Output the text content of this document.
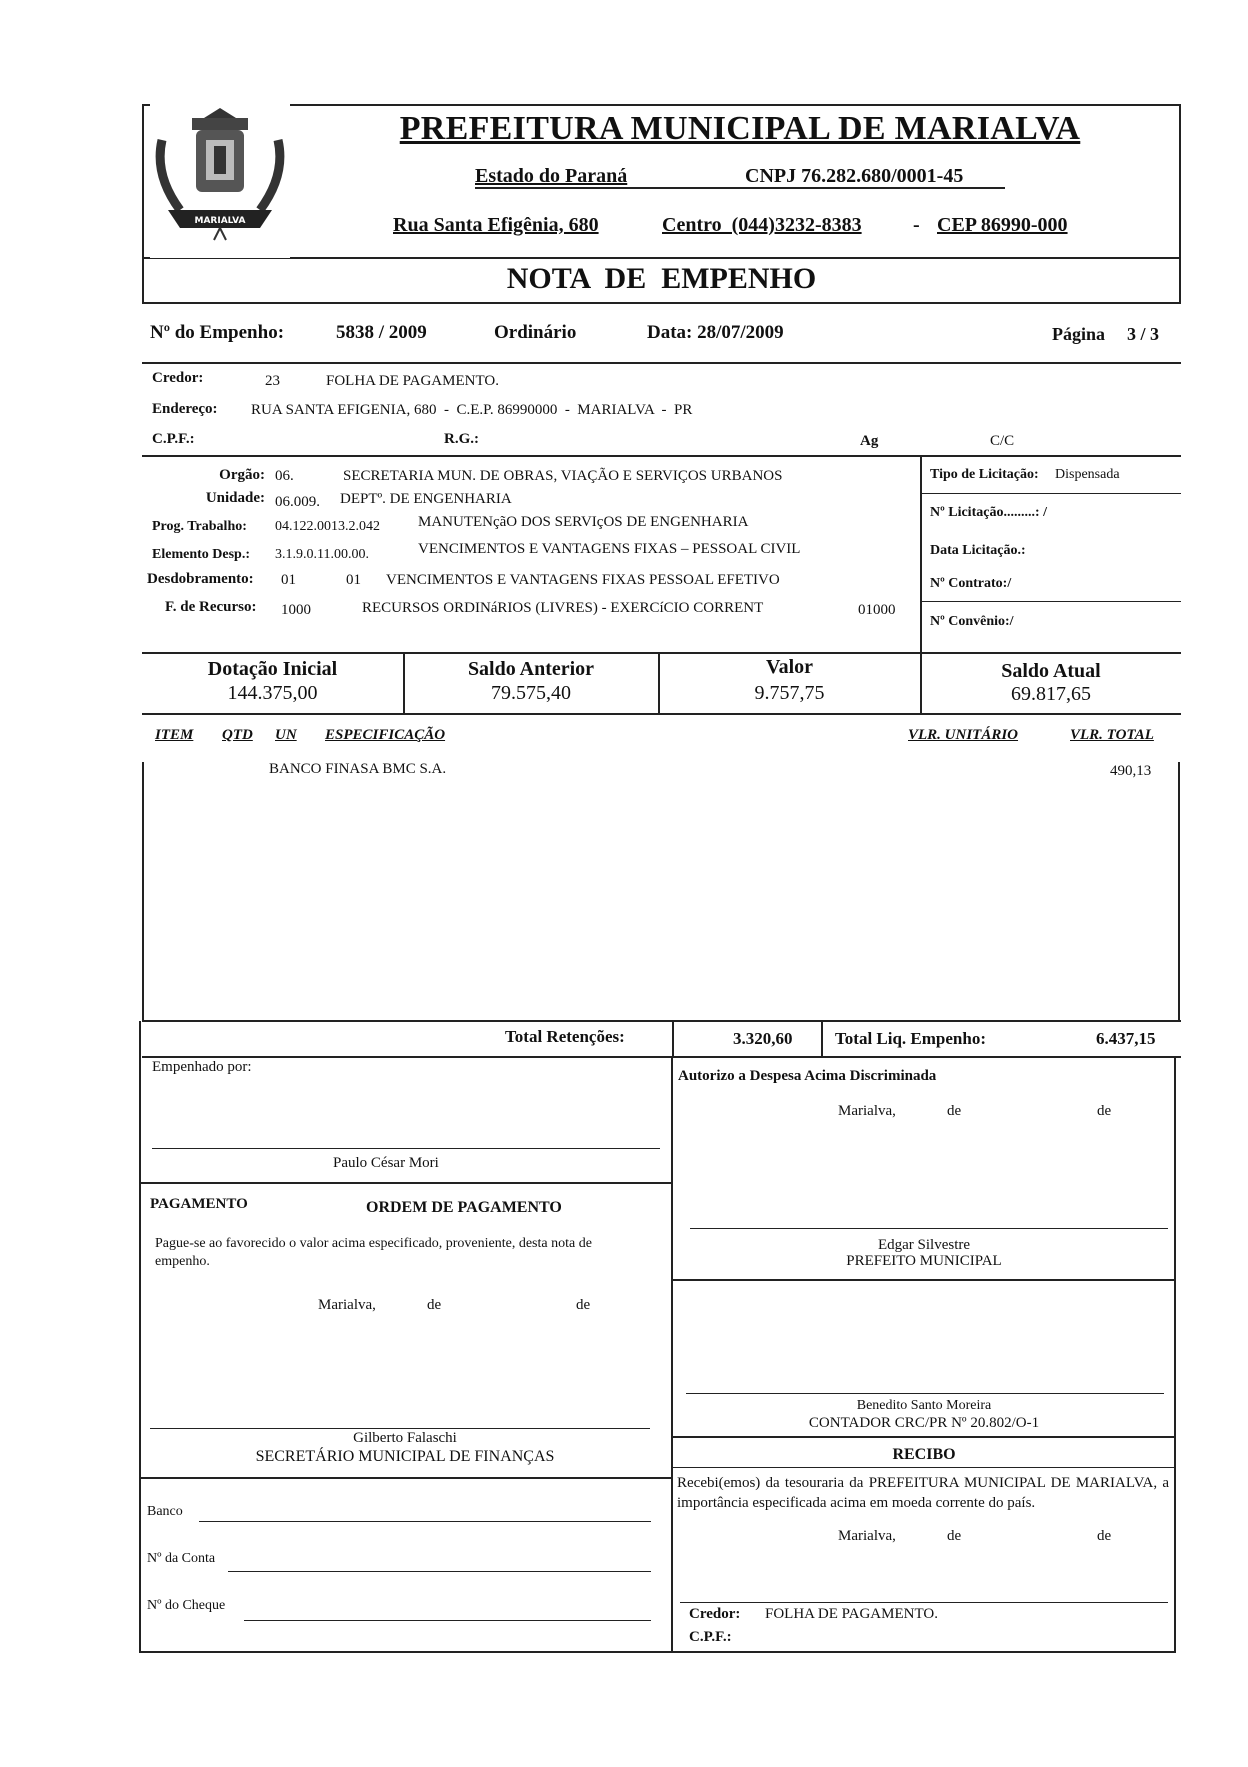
MARIALVA
PREFEITURA MUNICIPAL DE MARIALVA
Estado do Paraná	CNPJ 76.282.680/0001-45
Rua Santa Efigênia, 680	Centro  (044)3232-8383	- CEP 86990-000
NOTA  DE  EMPENHO
Nº do Empenho:	5838 / 2009	Ordinário	Data: 28/07/2009	Página 3 / 3
Credor:	23	FOLHA DE PAGAMENTO.
Endereço: RUA SANTA EFIGENIA, 680  -  C.E.P. 86990000  -  MARIALVA  -  PR
C.P.F.:	R.G.:	Ag	C/C
Orgão: 06.	SECRETARIA MUN. DE OBRAS, VIAÇÃO E SERVIÇOS URBANOS
Unidade: 06.009. DEPTº. DE ENGENHARIA
Prog. Trabalho: 04.122.0013.2.042	MANUTENçãO DOS SERVIçOS DE ENGENHARIA
Elemento Desp.: 3.1.9.0.11.00.00.	VENCIMENTOS E VANTAGENS FIXAS – PESSOAL CIVIL
Desdobramento: 01	01 VENCIMENTOS E VANTAGENS FIXAS PESSOAL EFETIVO
F. de Recurso: 1000	RECURSOS ORDINáRIOS (LIVRES) - EXERCíCIO CORRENT	01000
Tipo de Licitação: Dispensada
Nº Licitação.........: /
Data Licitação.:
Nº Contrato:/
Nº Convênio:/
Dotação Inicial
144.375,00
Saldo Anterior
79.575,40
Valor
9.757,75
Saldo Atual
69.817,65
ITEM QTD UN ESPECIFICAÇÃO	VLR. UNITÁRIO	VLR. TOTAL
BANCO FINASA BMC S.A.	490,13
Total Retenções:	3.320,60	Total Liq. Empenho:	6.437,15
Empenhado por:
Paulo César Mori
Autorizo a Despesa Acima Discriminada
Marialva,	de	de
Edgar Silvestre
PREFEITO MUNICIPAL
PAGAMENTO	ORDEM DE PAGAMENTO
Pague-se ao favorecido o valor acima especificado, proveniente, desta nota de empenho.
Marialva,	de	de
Gilberto Falaschi
SECRETÁRIO MUNICIPAL DE FINANÇAS
Banco
Nº da Conta
Nº do Cheque
Benedito Santo Moreira
CONTADOR CRC/PR Nº 20.802/O-1
RECIBO
Recebi(emos) da tesouraria da PREFEITURA MUNICIPAL DE MARIALVA, a importância especificada acima em moeda corrente do país.
Marialva,	de	de
Credor: FOLHA DE PAGAMENTO.
C.P.F.:
